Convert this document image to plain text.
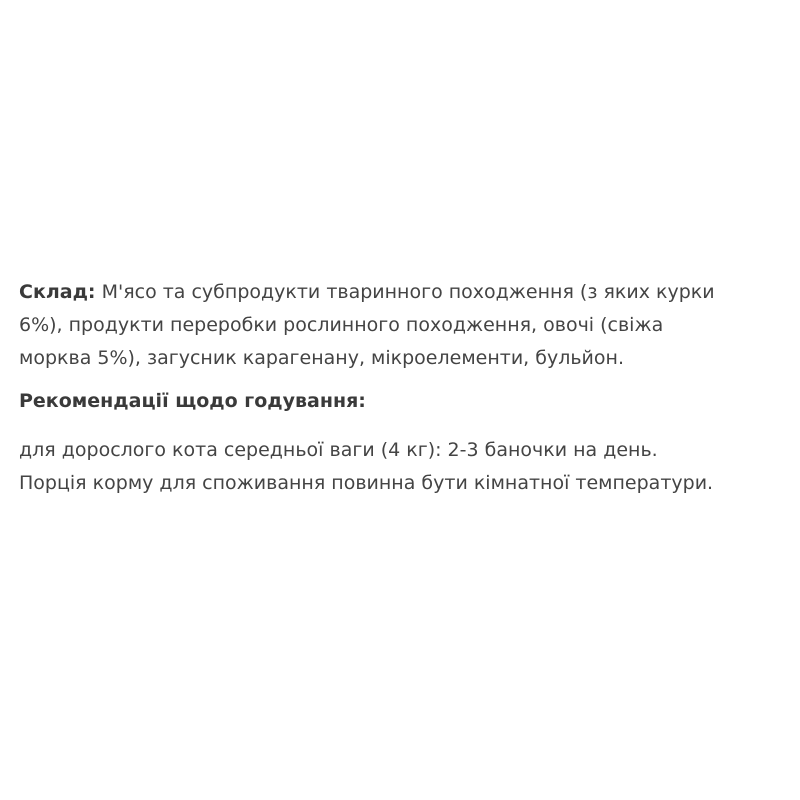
Склад: М'ясо та субпродукти тваринного походження (з яких курки
6%), продукти переробки рослинного походження, овочі (свіжа
морква 5%), загусник карагенану, мікроелементи, бульйон.

Рекомендації щодо годування:

для дорослого кота середньої ваги (4 кг): 2-3 баночки на день.
Порція корму для споживання повинна бути кімнатної температури.
